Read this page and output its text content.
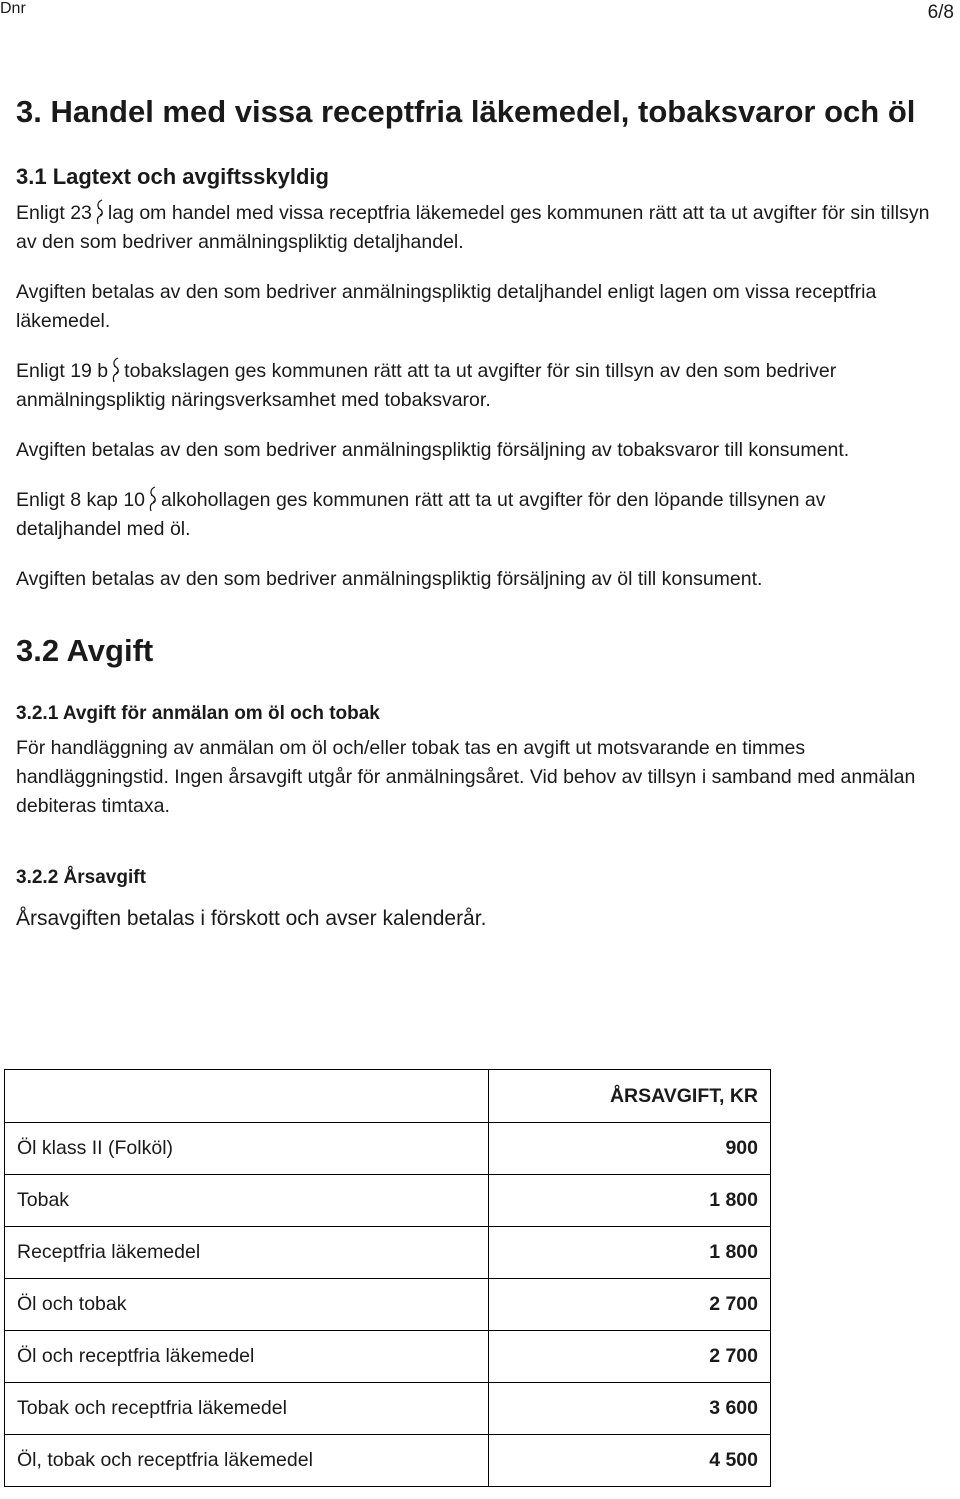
Dnr	6/8
3. Handel med vissa receptfria läkemedel, tobaksvaror och öl
3.1 Lagtext och avgiftsskyldig

Enligt 23 lag om handel med vissa receptfria läkemedel ges kommunen rätt att ta ut avgifter för sin tillsyn av den som bedriver anmälningspliktig detaljhandel.

Avgiften betalas av den som bedriver anmälningspliktig detaljhandel enligt lagen om vissa receptfria läkemedel.

Enligt 19 b tobakslagen ges kommunen rätt att ta ut avgifter för sin tillsyn av den som bedriver anmälningspliktig näringsverksamhet med tobaksvaror.

Avgiften betalas av den som bedriver anmälningspliktig försäljning av tobaksvaror till konsument.

Enligt 8 kap 10 alkohollagen ges kommunen rätt att ta ut avgifter för den löpande tillsynen av detaljhandel med öl.

Avgiften betalas av den som bedriver anmälningspliktig försäljning av öl till konsument.

3.2 Avgift
3.2.1 Avgift för anmälan om öl och tobak

För handläggning av anmälan om öl och/eller tobak tas en avgift ut motsvarande en timmes handläggningstid. Ingen årsavgift utgår för anmälningsåret. Vid behov av tillsyn i samband med anmälan debiteras timtaxa.

3.2.2 Årsavgift

Årsavgiften betalas i förskott och avser kalenderår.

	ÅRSAVGIFT, KR
Öl klass II (Folköl)	900
Tobak	1 800
Receptfria läkemedel	1 800
Öl och tobak	2 700
Öl och receptfria läkemedel	2 700
Tobak och receptfria läkemedel	3 600
Öl, tobak och receptfria läkemedel	4 500
